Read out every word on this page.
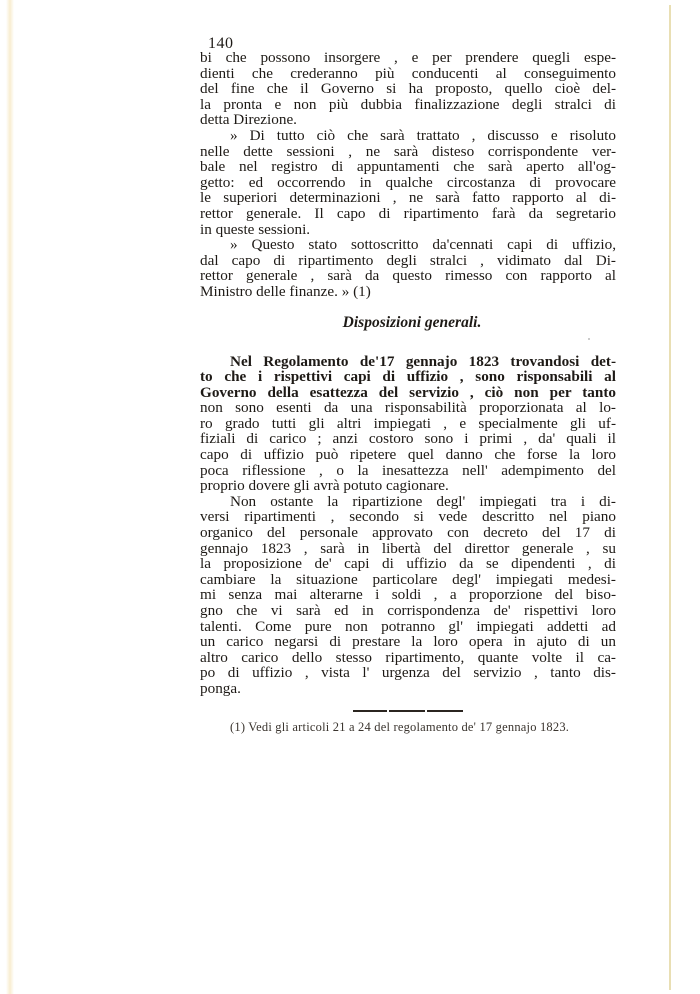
140
bi che possono insorgere , e per prendere quegli espe-
dienti che crederanno più conducenti al conseguimento
del fine che il Governo si ha proposto, quello cioè del-
la pronta e non più dubbia finalizzazione degli stralci di
detta Direzione.
» Di tutto ciò che sarà trattato , discusso e risoluto
nelle dette sessioni , ne sarà disteso corrispondente ver-
bale nel registro di appuntamenti che sarà aperto all'og-
getto: ed occorrendo in qualche circostanza di provocare
le superiori determinazioni , ne sarà fatto rapporto al di-
rettor generale. Il capo di ripartimento farà da segretario
in queste sessioni.
» Questo stato sottoscritto da'cennati capi di uffizio,
dal capo di ripartimento degli stralci , vidimato dal Di-
rettor generale , sarà da questo rimesso con rapporto al
Ministro delle finanze. » (1)
Disposizioni generali.
Nel Regolamento de'17 gennajo 1823 trovandosi det-
to che i rispettivi capi di uffizio , sono risponsabili al
Governo della esattezza del servizio , ciò non per tanto
non sono esenti da una risponsabilità proporzionata al lo-
ro grado tutti gli altri impiegati , e specialmente gli uf-
fiziali di carico ; anzi costoro sono i primi , da' quali il
capo di uffizio può ripetere quel danno che forse la loro
poca riflessione , o la inesattezza nell' adempimento del
proprio dovere gli avrà potuto cagionare.
Non ostante la ripartizione degl' impiegati tra i di-
versi ripartimenti , secondo si vede descritto nel piano
organico del personale approvato con decreto del 17 di
gennajo 1823 , sarà in libertà del direttor generale , su
la proposizione de' capi di uffizio da se dipendenti , di
cambiare la situazione particolare degl' impiegati medesi-
mi senza mai alterarne i soldi , a proporzione del biso-
gno che vi sarà ed in corrispondenza de' rispettivi loro
talenti. Come pure non potranno gl' impiegati addetti ad
un carico negarsi di prestare la loro opera in ajuto di un
altro carico dello stesso ripartimento, quante volte il ca-
po di uffizio , vista l' urgenza del servizio , tanto dis-
ponga.
(1) Vedi gli articoli 21 a 24 del regolamento de' 17 gennajo 1823.
